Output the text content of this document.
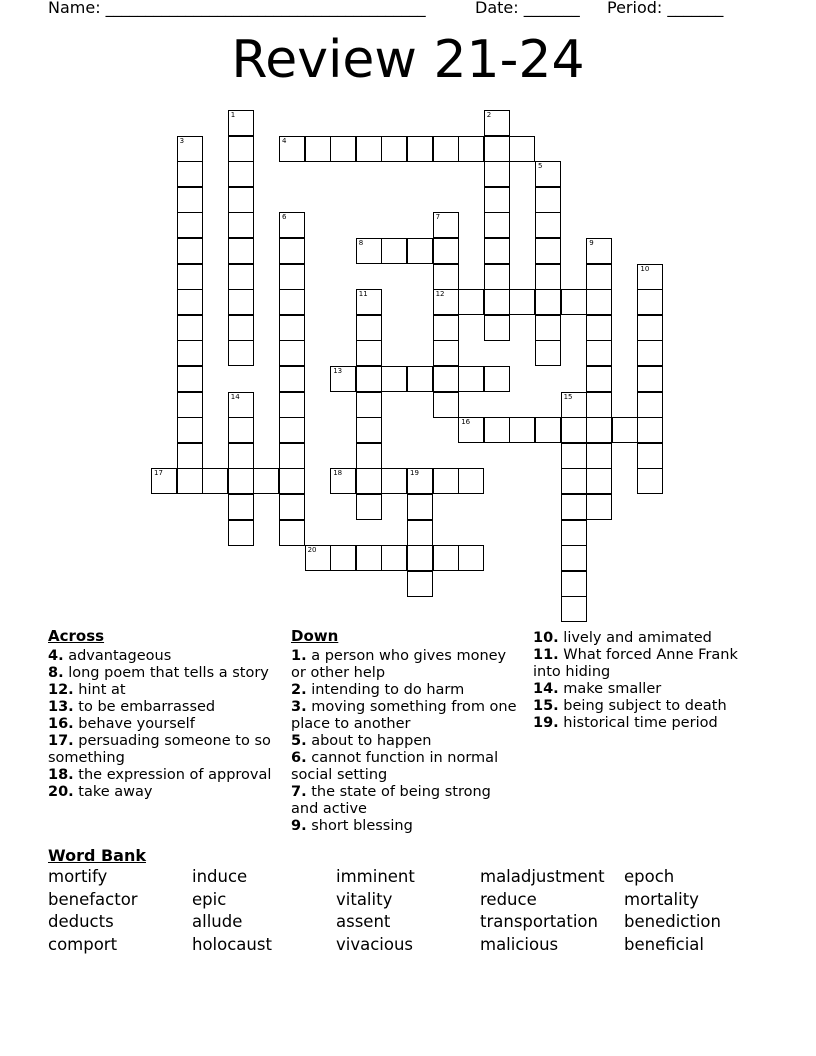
Name: ________________________________________	Date: _______ Period: _______
Review 21-24
1	2
3	4
5
6	7
12
8	9
10
11
13
14	15
16
17	18	19
20
Across
4. advantageous
8. long poem that tells a story
12. hint at
13. to be embarrassed
16. behave yourself
17. persuading someone to so something
18. the expression of approval
20. take away
Down
1. a person who gives money or other help
2. intending to do harm
3. moving something from one place to another
5. about to happen
6. cannot function in normal social setting
7. the state of being strong and active
9. short blessing
10. lively and amimated
11. What forced Anne Frank into hiding
14. make smaller
15. being subject to death
19. historical time period
Word Bank
mortify
benefactor
deducts
comport
induce
epic
allude
holocaust
imminent
vitality
assent
vivacious
maladjustment
reduce
transportation
malicious
epoch
mortality
benediction
beneficial
